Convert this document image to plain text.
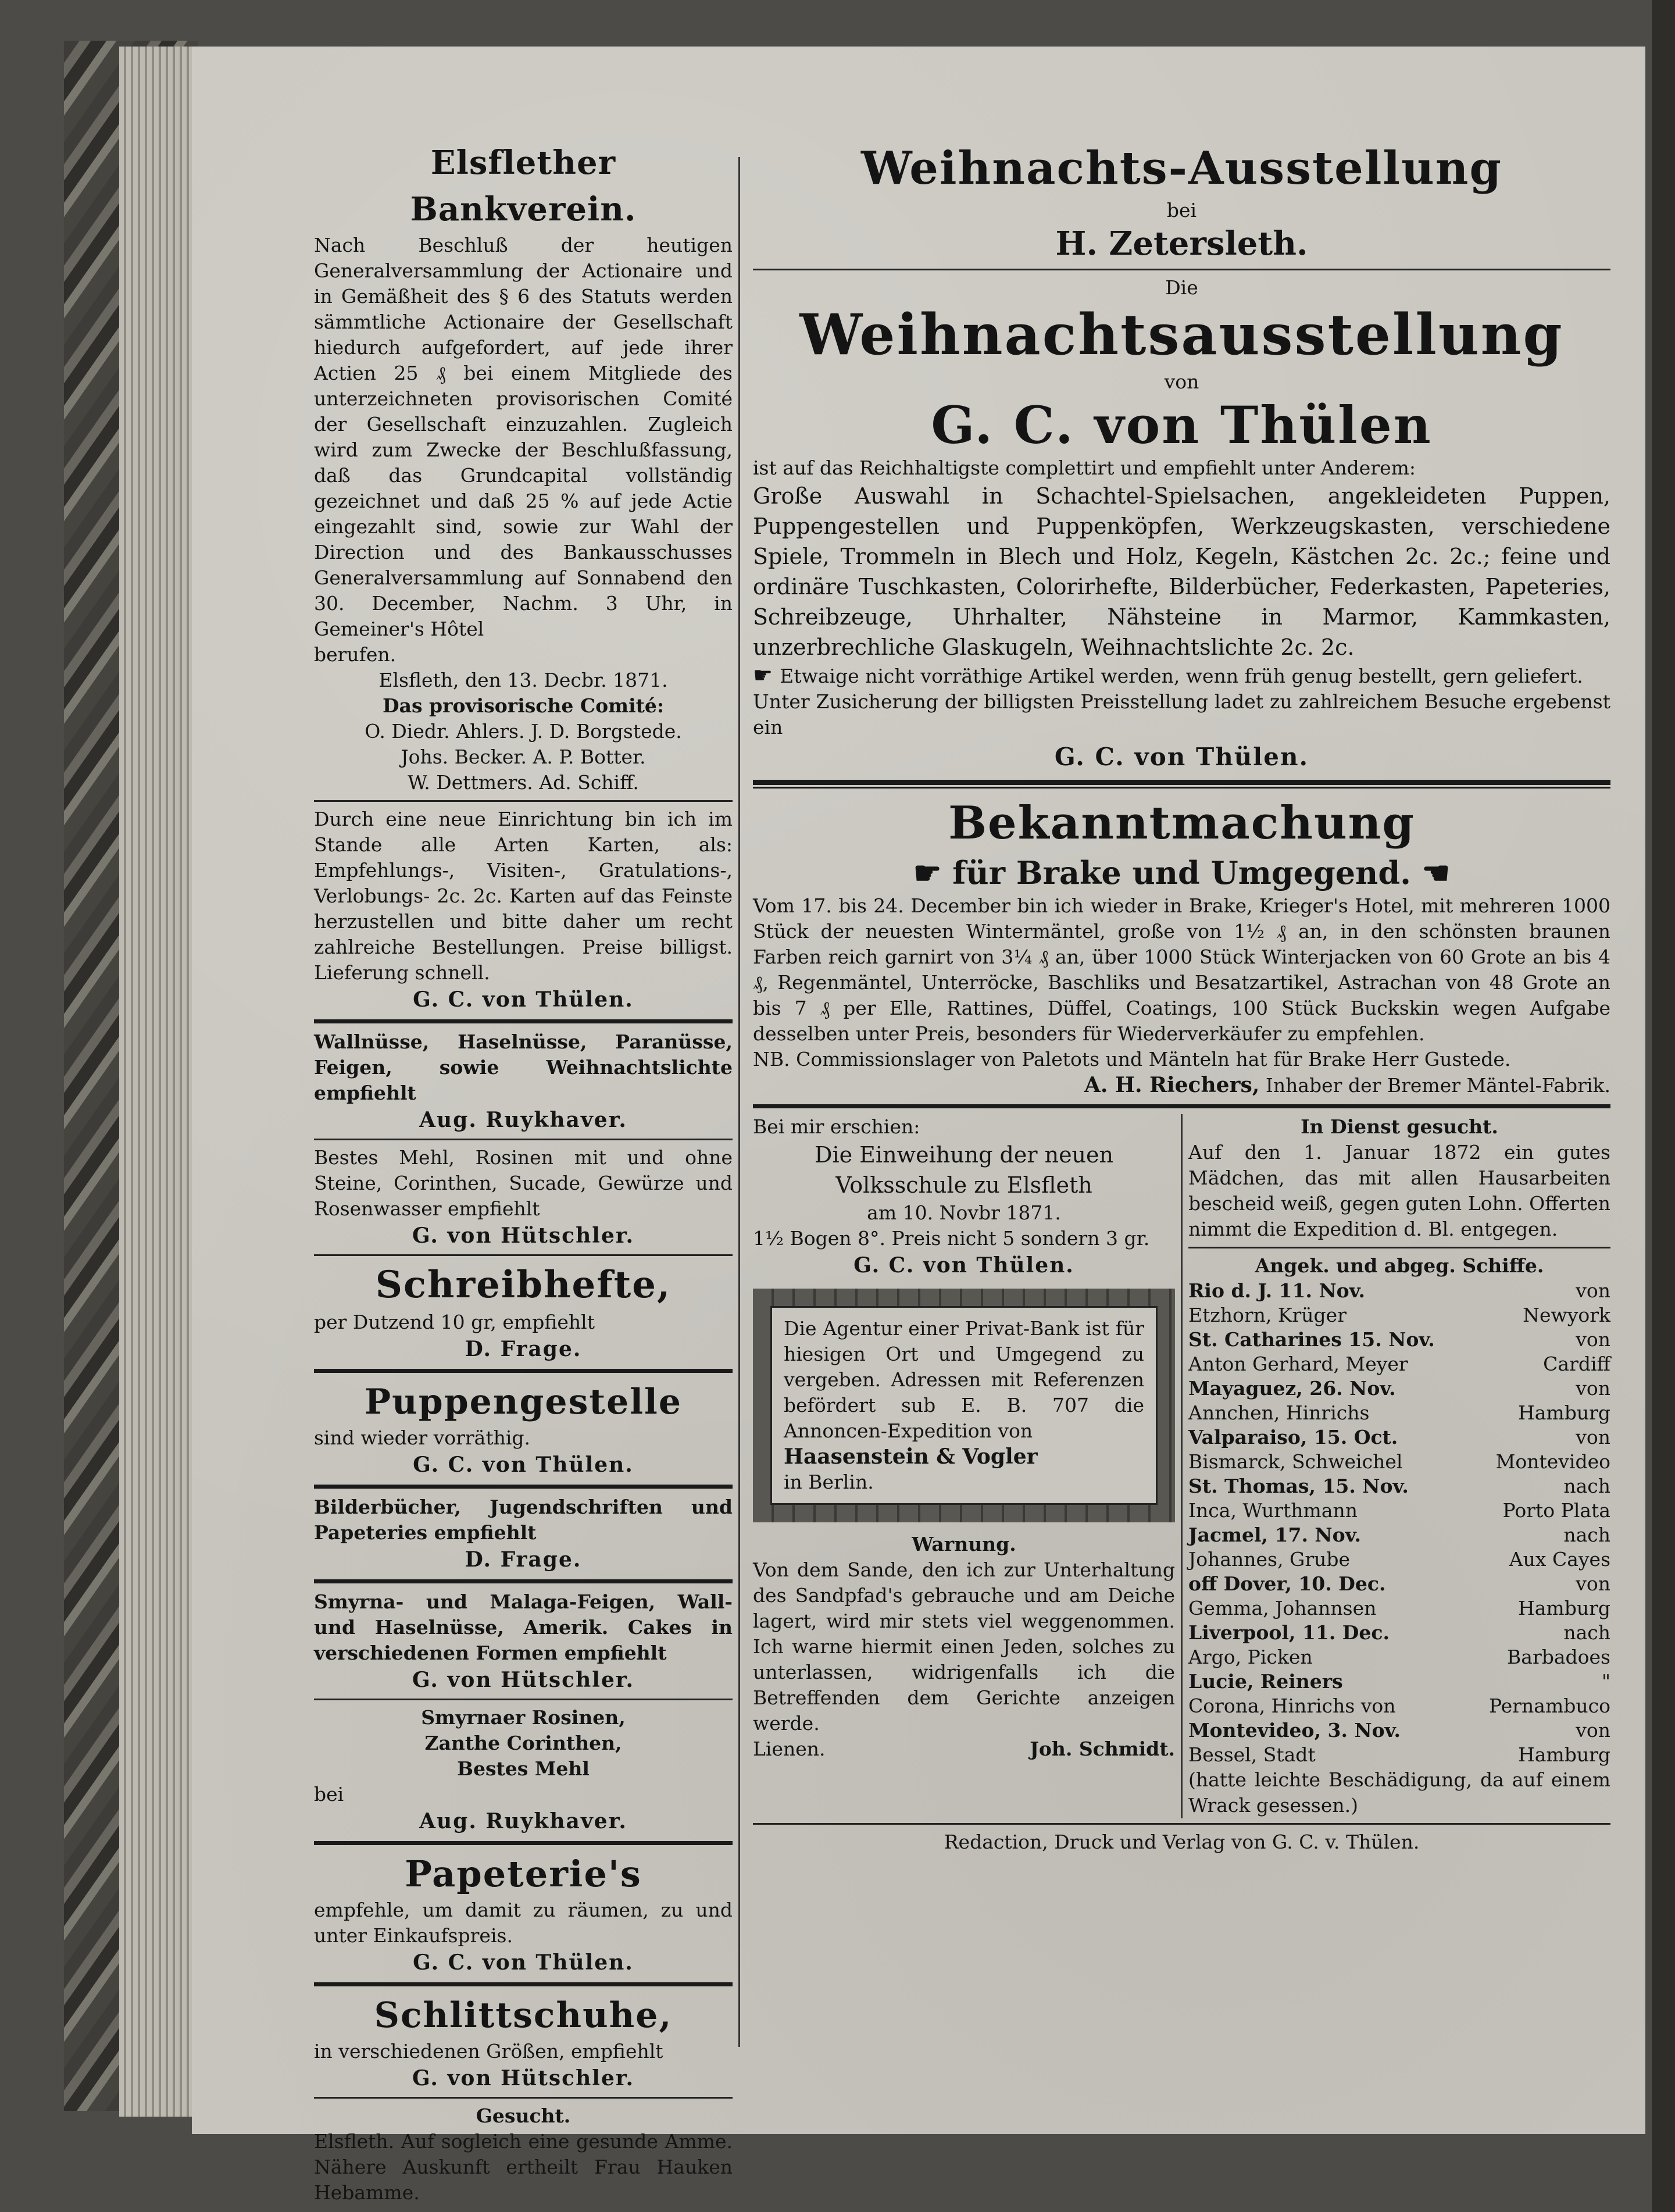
Elsflether Bankverein.

Nach Beschluß der heutigen Generalversammlung der Actionaire und in Gemäßheit des § 6 des Statuts werden sämmtliche Actionaire der Gesellschaft hiedurch aufgefordert, auf jede ihrer Actien 25 ₰ bei einem Mitgliede des unterzeichneten provisorischen Comité der Gesellschaft einzuzahlen. Zugleich wird zum Zwecke der Beschlußfassung, daß das Grundcapital vollständig gezeichnet und daß 25 % auf jede Actie eingezahlt sind, sowie zur Wahl der Direction und des Bankausschusses Generalversammlung auf Sonnabend den 30. December, Nachm. 3 Uhr, in Gemeiner's Hôtel

berufen.

Elsfleth, den 13. Decbr. 1871.

Das provisorische Comité:

O. Diedr. Ahlers. J. D. Borgstede.

Johs. Becker. A. P. Botter.

W. Dettmers. Ad. Schiff.

Durch eine neue Einrichtung bin ich im Stande alle Arten Karten, als: Empfehlungs-, Visiten-, Gratulations-, Verlobungs- 2c. 2c. Karten auf das Feinste herzustellen und bitte daher um recht zahlreiche Bestellungen. Preise billigst. Lieferung schnell.

G. C. von Thülen.

Wallnüsse, Haselnüsse, Paranüsse, Feigen, sowie Weihnachtslichte empfiehlt

Aug. Ruykhaver.

Bestes Mehl, Rosinen mit und ohne Steine, Corinthen, Sucade, Gewürze und Rosenwasser empfiehlt

G. von Hütschler.
Schreibhefte,

per Dutzend 10 gr, empfiehlt

D. Frage.
Puppengestelle

sind wieder vorräthig.

G. C. von Thülen.

Bilderbücher, Jugendschriften und Papeteries empfiehlt

D. Frage.

Smyrna- und Malaga-Feigen, Wall- und Haselnüsse, Amerik. Cakes in verschiedenen Formen empfiehlt

G. von Hütschler.

Smyrnaer Rosinen,

Zanthe Corinthen,

Bestes Mehl

bei

Aug. Ruykhaver.
Papeterie's

empfehle, um damit zu räumen, zu und unter Einkaufspreis.

G. C. von Thülen.
Schlittschuhe,

in verschiedenen Größen, empfiehlt

G. von Hütschler.

Gesucht.

Elsfleth. Auf sogleich eine gesunde Amme. Nähere Auskunft ertheilt Frau Hauken Hebamme.

Weihnachts-Ausstellung

bei

H. Zetersleth.

Die

Weihnachtsausstellung

von

G. C. von Thülen

ist auf das Reichhaltigste complettirt und empfiehlt unter Anderem:

Große Auswahl in Schachtel-Spielsachen, angekleideten Puppen, Puppengestellen und Puppenköpfen, Werkzeugskasten, verschiedene Spiele, Trommeln in Blech und Holz, Kegeln, Kästchen 2c. 2c.; feine und ordinäre Tuschkasten, Colorirhefte, Bilderbücher, Federkasten, Papeteries, Schreibzeuge, Uhrhalter, Nähsteine in Marmor, Kammkasten, unzerbrechliche Glaskugeln, Weihnachtslichte 2c. 2c.

☛ Etwaige nicht vorräthige Artikel werden, wenn früh genug bestellt, gern geliefert.

Unter Zusicherung der billigsten Preisstellung ladet zu zahlreichem Besuche ergebenst ein

G. C. von Thülen.
Bekanntmachung
☛ für Brake und Umgegend. ☚

Vom 17. bis 24. December bin ich wieder in Brake, Krieger's Hotel, mit mehreren 1000 Stück der neuesten Wintermäntel, große von 1½ ₰ an, in den schönsten braunen Farben reich garnirt von 3¼ ₰ an, über 1000 Stück Winterjacken von 60 Grote an bis 4 ₰, Regenmäntel, Unterröcke, Baschliks und Besatzartikel, Astrachan von 48 Grote an bis 7 ₰ per Elle, Rattines, Düffel, Coatings, 100 Stück Buckskin wegen Aufgabe desselben unter Preis, besonders für Wiederverkäufer zu empfehlen.

NB. Commissionslager von Paletots und Mänteln hat für Brake Herr Gustede.

A. H. Riechers, Inhaber der Bremer Mäntel-Fabrik.

Bei mir erschien:

Die Einweihung der neuen Volksschule zu Elsfleth

am 10. Novbr 1871.

1½ Bogen 8°. Preis nicht 5 sondern 3 gr.

G. C. von Thülen.

Die Agentur einer Privat-Bank ist für hiesigen Ort und Umgegend zu vergeben. Adressen mit Referenzen befördert sub E. B. 707 die Annoncen-Expedition von

Haasenstein & Vogler

in Berlin.

Warnung.

Von dem Sande, den ich zur Unterhaltung des Sandpfad's gebrauche und am Deiche lagert, wird mir stets viel weggenommen. Ich warne hiermit einen Jeden, solches zu unterlassen, widrigenfalls ich die Betreffenden dem Gerichte anzeigen werde.

Lienen.	Joh. Schmidt.

In Dienst gesucht.

Auf den 1. Januar 1872 ein gutes Mädchen, das mit allen Hausarbeiten bescheid weiß, gegen guten Lohn. Offerten nimmt die Expedition d. Bl. entgegen.

Angek. und abgeg. Schiffe.

Rio d. J. 11. Nov.	von
Etzhorn, Krüger	Newyork
St. Catharines 15. Nov.	von
Anton Gerhard, Meyer	Cardiff
Mayaguez, 26. Nov.	von
Annchen, Hinrichs	Hamburg
Valparaiso, 15. Oct.	von
Bismarck, Schweichel	Montevideo
St. Thomas, 15. Nov.	nach
Inca, Wurthmann	Porto Plata
Jacmel, 17. Nov.	nach
Johannes, Grube	Aux Cayes
off Dover, 10. Dec.	von
Gemma, Johannsen	Hamburg
Liverpool, 11. Dec.	nach
Argo, Picken	Barbadoes
Lucie, Reiners	"
Corona, Hinrichs von	Pernambuco
Montevideo, 3. Nov.	von
Bessel, Stadt	Hamburg

(hatte leichte Beschädigung, da auf einem Wrack gesessen.)

Redaction, Druck und Verlag von G. C. v. Thülen.
